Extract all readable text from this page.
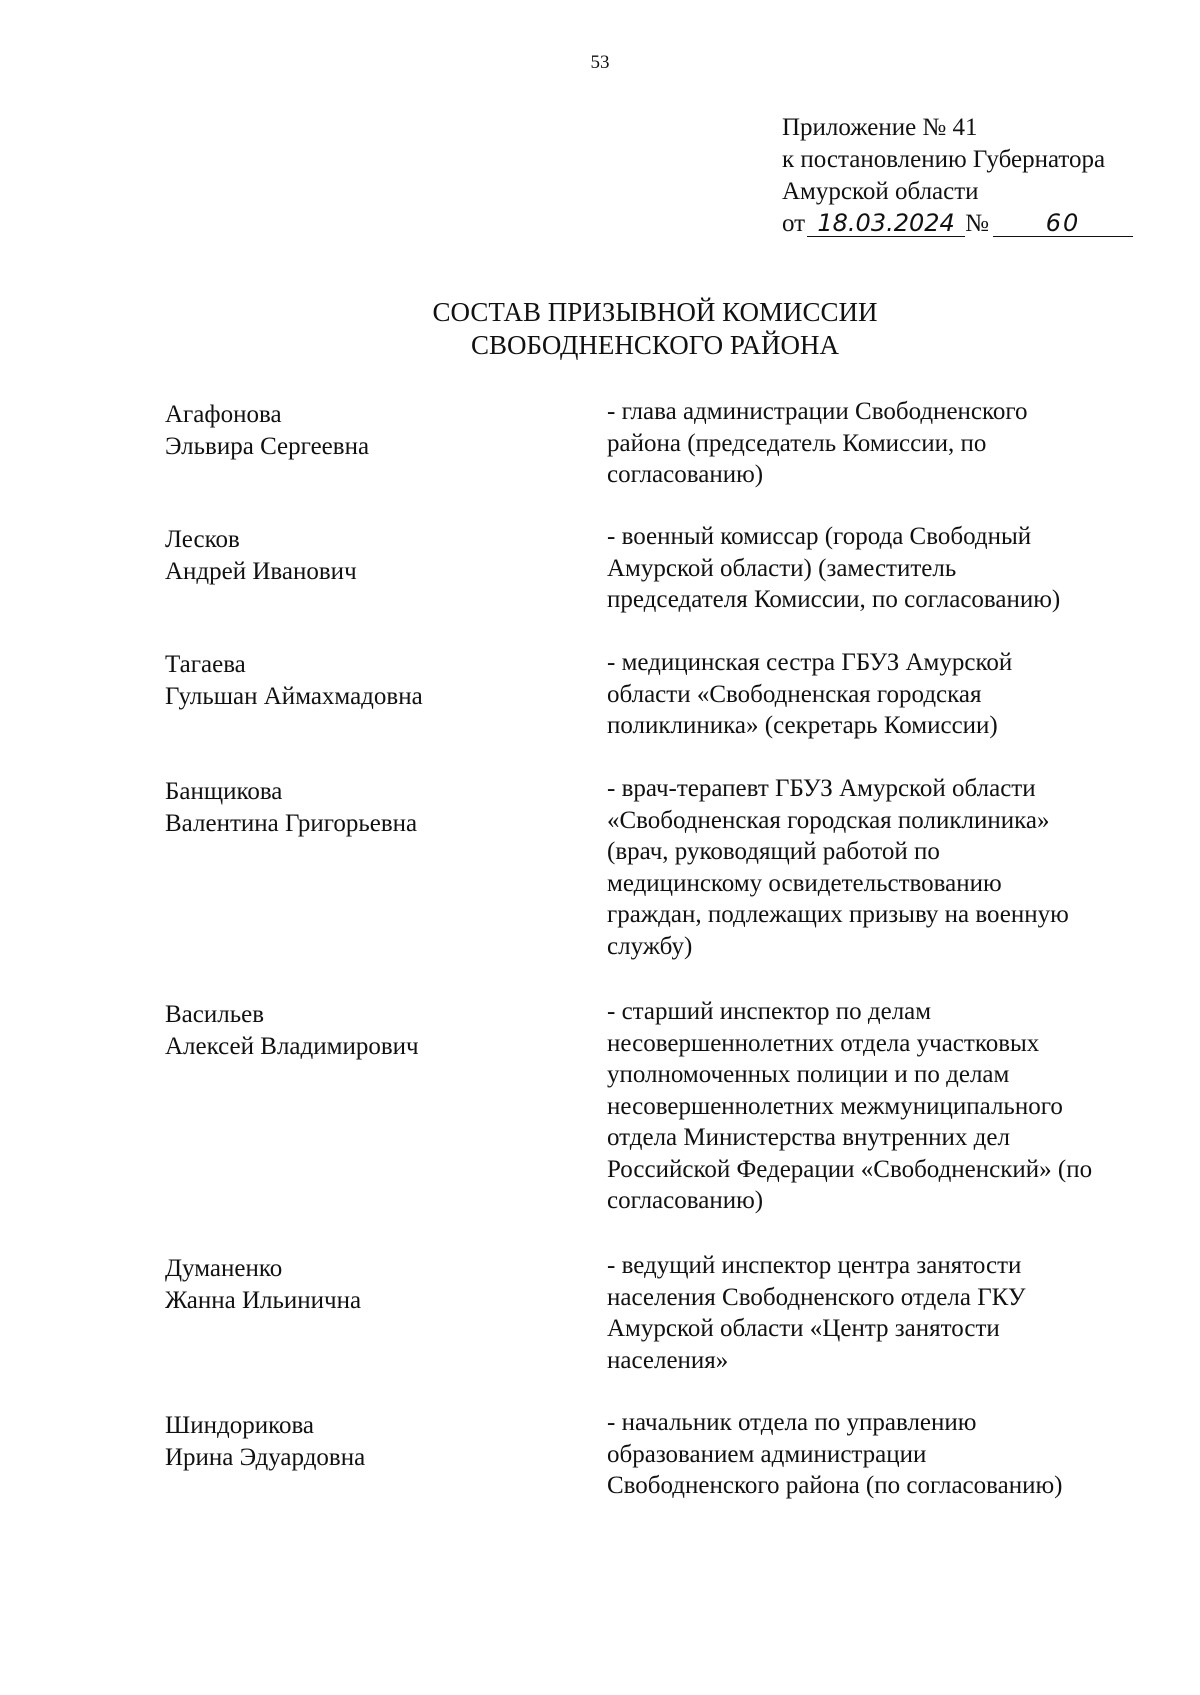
53
Приложение № 41
к постановлению Губернатора
Амурской области
от 18.03.2024 № 60
СОСТАВ ПРИЗЫВНОЙ КОМИССИИ
СВОБОДНЕНСКОГО РАЙОНА
Агафонова
Эльвира Сергеевна
- глава администрации Свободненского
района (председатель Комиссии, по
согласованию)
Лесков
Андрей Иванович
- военный комиссар (города Свободный
Амурской области) (заместитель
председателя Комиссии, по согласованию)
Тагаева
Гульшан Аймахмадовна
- медицинская сестра ГБУЗ Амурской
области «Свободненская городская
поликлиника» (секретарь Комиссии)
Банщикова
Валентина Григорьевна
- врач-терапевт ГБУЗ Амурской области
«Свободненская городская поликлиника»
(врач, руководящий работой по
медицинскому освидетельствованию
граждан, подлежащих призыву на военную
службу)
Васильев
Алексей Владимирович
- старший инспектор по делам
несовершеннолетних отдела участковых
уполномоченных полиции и по делам
несовершеннолетних межмуниципального
отдела Министерства внутренних дел
Российской Федерации «Свободненский» (по
согласованию)
Думаненко
Жанна Ильинична
- ведущий инспектор центра занятости
населения Свободненского отдела ГКУ
Амурской области «Центр занятости
населения»
Шиндорикова
Ирина Эдуардовна
- начальник отдела по управлению
образованием администрации
Свободненского района (по согласованию)
